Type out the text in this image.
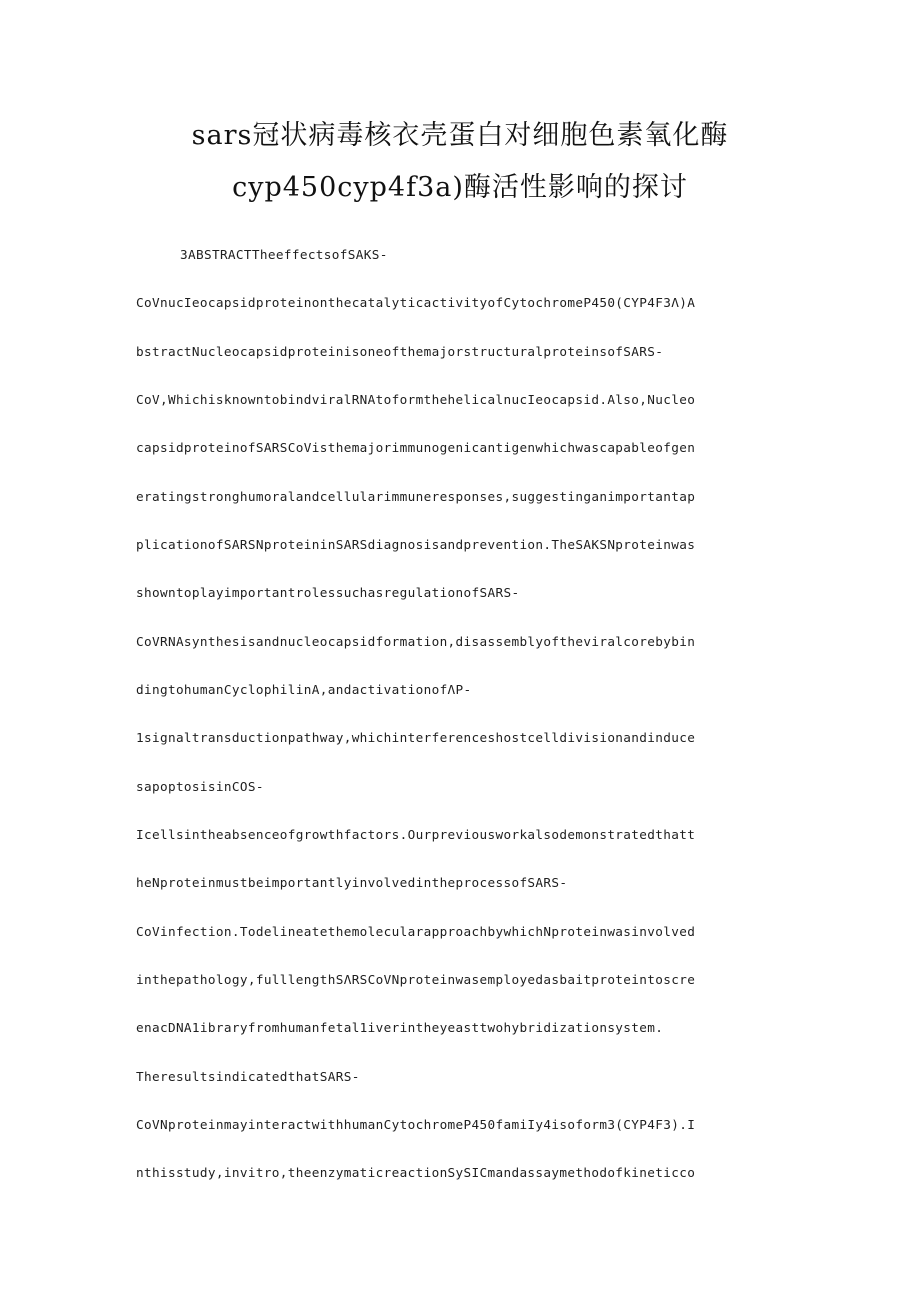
sars冠状病毒核衣壳蛋白对细胞色素氧化酶
cyp450cyp4f3a)酶活性影响的探讨
3ABSTRACTTheeffectsofSAKS-
CoVnucIeocapsidproteinonthecatalyticactivityofCytochromeP450(CYP4F3Λ)A
bstractNucleocapsidproteinisoneofthemajorstructuralproteinsofSARS-
CoV,WhichisknowntobindviralRNAtoformthehelicalnucIeocapsid.Also,Nucleo
capsidproteinofSARSCoVisthemajorimmunogenicantigenwhichwascapableofgen
eratingstronghumoralandcellularimmuneresponses,suggestinganimportantap
plicationofSARSNproteininSARSdiagnosisandprevention.TheSAKSNproteinwas
showntoplayimportantrolessuchasregulationofSARS-
CoVRNAsynthesisandnucleocapsidformation,disassemblyoftheviralcorebybin
dingtohumanCyclophilinA,andactivationofΛP-
1signaltransductionpathway,whichinterferenceshostcelldivisionandinduce
sapoptosisinCOS-
Icellsintheabsenceofgrowthfactors.Ourpreviousworkalsodemonstratedthatt
heNproteinmustbeimportantlyinvolvedintheprocessofSARS-
CoVinfection.TodelineatethemolecularapproachbywhichNproteinwasinvolved
inthepathology,fulllengthSΛRSCoVNproteinwasemployedasbaitproteintoscre
enacDNA1ibraryfromhumanfetal1iverintheyeasttwohybridizationsystem.
TheresultsindicatedthatSARS-
CoVNproteinmayinteractwithhumanCytochromeP450famiIy4isoform3(CYP4F3).I
nthisstudy,invitro,theenzymaticreactionSySICmandassaymethodofkineticco
